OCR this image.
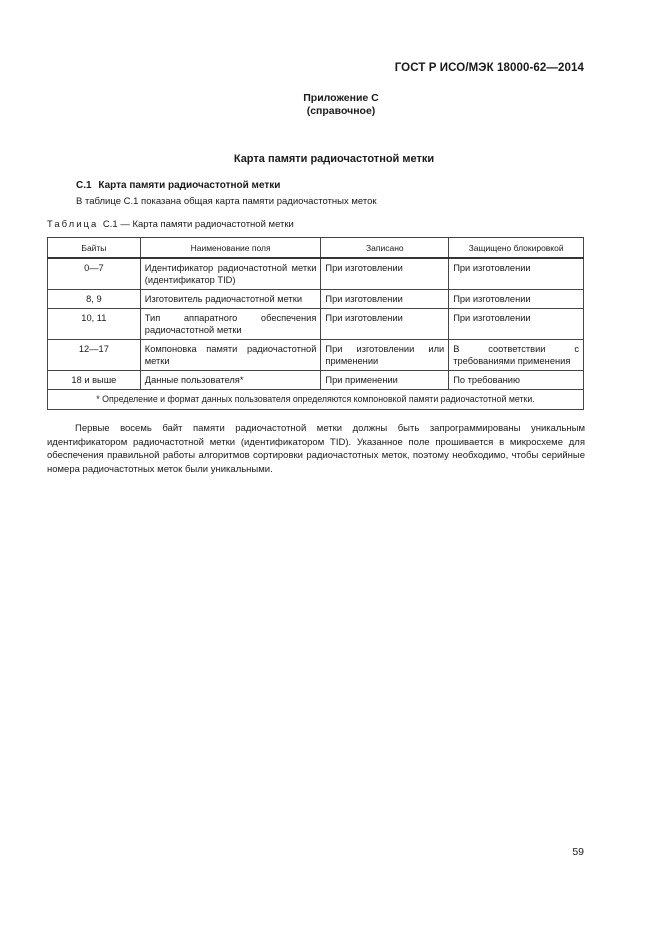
ГОСТ Р ИСО/МЭК 18000-62—2014
Приложение С
(справочное)
Карта памяти радиочастотной метки
С.1 Карта памяти радиочастотной метки
В таблице С.1 показана общая карта памяти радиочастотных меток
Таблица С.1 — Карта памяти радиочастотной метки
Байты	Наименование поля	Записано	Защищено блокировкой
0—7	Идентификатор радиочастотной метки (идентификатор TID)	При изготовлении	При изготовлении
8, 9	Изготовитель радиочастотной метки	При изготовлении	При изготовлении
10, 11	Тип аппаратного обеспечения радиочастотной метки	При изготовлении	При изготовлении
12—17	Компоновка памяти радиочастотной метки	При изготовлении или применении	В соответствии с требованиями применения
18 и выше	Данные пользователя*	При применении	По требованию
* Определение и формат данных пользователя определяются компоновкой памяти радиочастотной метки.			
Первые восемь байт памяти радиочастотной метки должны быть запрограммированы уникальным идентификатором радиочастотной метки (идентификатором TID). Указанное поле прошивается в микросхеме для обеспечения правильной работы алгоритмов сортировки радиочастотных меток, поэтому необходимо, чтобы серийные номера радиочастотных меток были уникальными.
59
